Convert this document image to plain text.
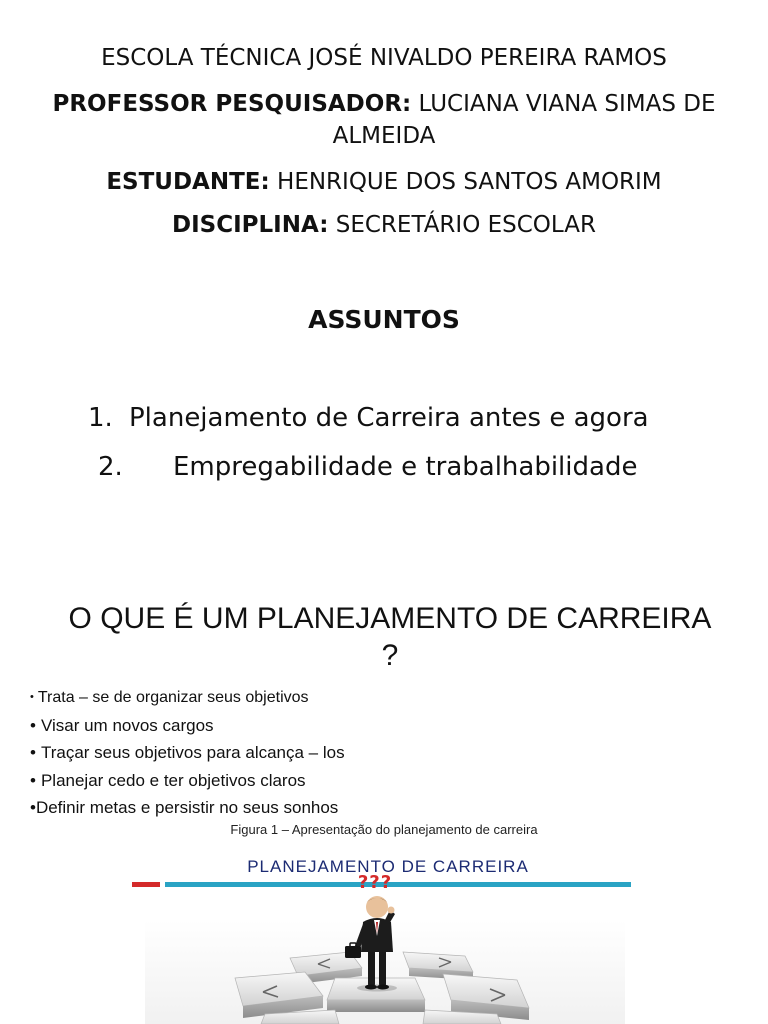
ESCOLA TÉCNICA JOSÉ NIVALDO PEREIRA RAMOS
PROFESSOR PESQUISADOR: LUCIANA VIANA SIMAS DE ALMEIDA
ESTUDANTE: HENRIQUE DOS SANTOS AMORIM
DISCIPLINA: SECRETÁRIO ESCOLAR
ASSUNTOS
1. Planejamento de Carreira antes e agora
2. Empregabilidade e trabalhabilidade
O QUE É UM PLANEJAMENTO DE CARREIRA ?
• Trata – se de organizar seus objetivos
• Visar um novos cargos
• Traçar seus objetivos para alcança – los
• Planejar cedo e ter objetivos claros
•Definir metas e persistir no seus sonhos
Figura 1 – Apresentação do planejamento de carreira
PLANEJAMENTO DE CARREIRA
???
